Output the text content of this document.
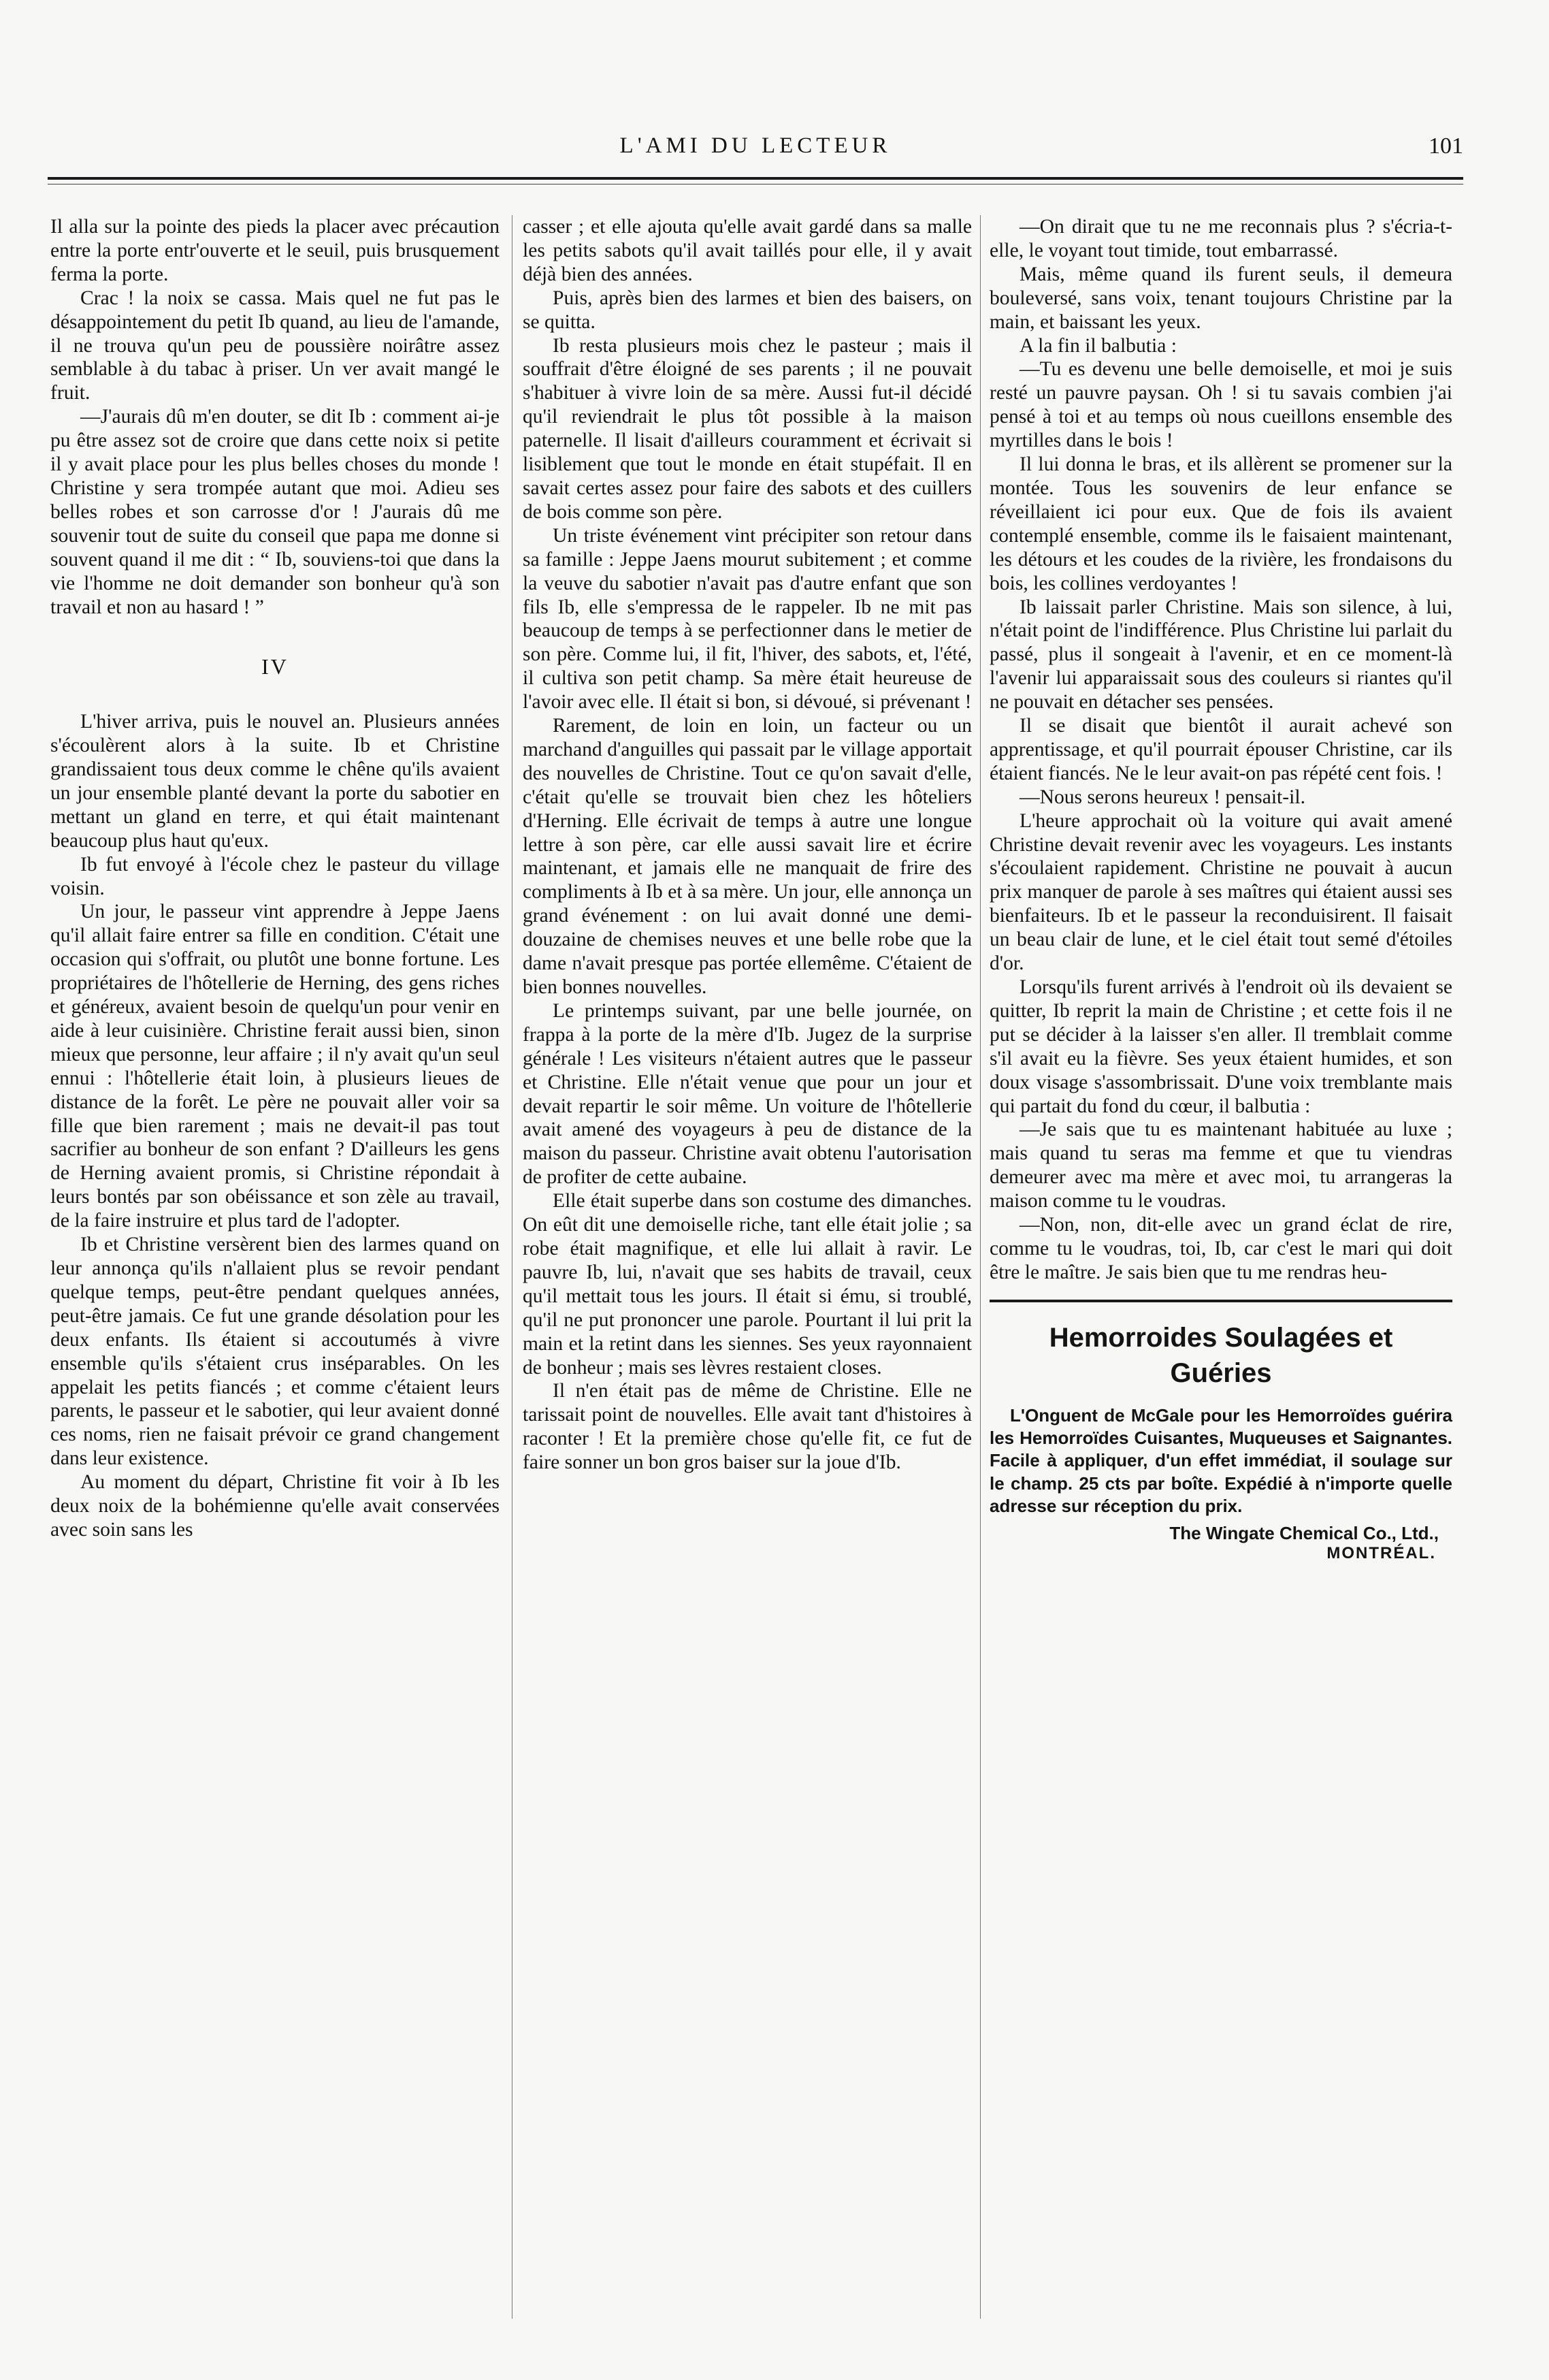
L'AMI DU LECTEUR	101

Il alla sur la pointe des pieds la placer avec précaution entre la porte entr'ouverte et le seuil, puis brusquement ferma la porte.

Crac ! la noix se cassa. Mais quel ne fut pas le désappointement du petit Ib quand, au lieu de l'amande, il ne trouva qu'un peu de poussière noirâtre assez semblable à du tabac à priser. Un ver avait mangé le fruit.

—J'aurais dû m'en douter, se dit Ib : comment ai-je pu être assez sot de croire que dans cette noix si petite il y avait place pour les plus belles choses du monde ! Christine y sera trompée autant que moi. Adieu ses belles robes et son carrosse d'or ! J'aurais dû me souvenir tout de suite du conseil que papa me donne si souvent quand il me dit : “ Ib, souviens-toi que dans la vie l'homme ne doit demander son bonheur qu'à son travail et non au hasard ! ”

IV

L'hiver arriva, puis le nouvel an. Plusieurs années s'écoulèrent alors à la suite. Ib et Christine grandissaient tous deux comme le chêne qu'ils avaient un jour ensemble planté devant la porte du sabotier en mettant un gland en terre, et qui était maintenant beaucoup plus haut qu'eux.

Ib fut envoyé à l'école chez le pasteur du village voisin.

Un jour, le passeur vint apprendre à Jeppe Jaens qu'il allait faire entrer sa fille en condition. C'était une occasion qui s'offrait, ou plutôt une bonne fortune. Les propriétaires de l'hôtellerie de Herning, des gens riches et généreux, avaient besoin de quelqu'un pour venir en aide à leur cuisinière. Christine ferait aussi bien, sinon mieux que personne, leur affaire ; il n'y avait qu'un seul ennui : l'hôtellerie était loin, à plusieurs lieues de distance de la forêt. Le père ne pouvait aller voir sa fille que bien rarement ; mais ne devait-il pas tout sacrifier au bonheur de son enfant ? D'ailleurs les gens de Herning avaient promis, si Christine répondait à leurs bontés par son obéissance et son zèle au travail, de la faire instruire et plus tard de l'adopter.

Ib et Christine versèrent bien des larmes quand on leur annonça qu'ils n'allaient plus se revoir pendant quelque temps, peut-être pendant quelques années, peut-être jamais. Ce fut une grande désolation pour les deux enfants. Ils étaient si accoutumés à vivre ensemble qu'ils s'étaient crus inséparables. On les appelait les petits fiancés ; et comme c'étaient leurs parents, le passeur et le sabotier, qui leur avaient donné ces noms, rien ne faisait prévoir ce grand changement dans leur existence.

Au moment du départ, Christine fit voir à Ib les deux noix de la bohémienne qu'elle avait conservées avec soin sans les

casser ; et elle ajouta qu'elle avait gardé dans sa malle les petits sabots qu'il avait taillés pour elle, il y avait déjà bien des années.

Puis, après bien des larmes et bien des baisers, on se quitta.

Ib resta plusieurs mois chez le pasteur ; mais il souffrait d'être éloigné de ses parents ; il ne pouvait s'habituer à vivre loin de sa mère. Aussi fut-il décidé qu'il reviendrait le plus tôt possible à la maison paternelle. Il lisait d'ailleurs couramment et écrivait si lisiblement que tout le monde en était stupéfait. Il en savait certes assez pour faire des sabots et des cuillers de bois comme son père.

Un triste événement vint précipiter son retour dans sa famille : Jeppe Jaens mourut subitement ; et comme la veuve du sabotier n'avait pas d'autre enfant que son fils Ib, elle s'empressa de le rappeler. Ib ne mit pas beaucoup de temps à se perfectionner dans le metier de son père. Comme lui, il fit, l'hiver, des sabots, et, l'été, il cultiva son petit champ. Sa mère était heureuse de l'avoir avec elle. Il était si bon, si dévoué, si prévenant !

Rarement, de loin en loin, un facteur ou un marchand d'anguilles qui passait par le village apportait des nouvelles de Christine. Tout ce qu'on savait d'elle, c'était qu'elle se trouvait bien chez les hôteliers d'Herning. Elle écrivait de temps à autre une longue lettre à son père, car elle aussi savait lire et écrire maintenant, et jamais elle ne manquait de frire des compliments à Ib et à sa mère. Un jour, elle annonça un grand événement : on lui avait donné une demi-douzaine de chemises neuves et une belle robe que la dame n'avait presque pas portée ellemême. C'étaient de bien bonnes nouvelles.

Le printemps suivant, par une belle journée, on frappa à la porte de la mère d'Ib. Jugez de la surprise générale ! Les visiteurs n'étaient autres que le passeur et Christine. Elle n'était venue que pour un jour et devait repartir le soir même. Un voiture de l'hôtellerie avait amené des voyageurs à peu de distance de la maison du passeur. Christine avait obtenu l'autorisation de profiter de cette aubaine.

Elle était superbe dans son costume des dimanches. On eût dit une demoiselle riche, tant elle était jolie ; sa robe était magnifique, et elle lui allait à ravir. Le pauvre Ib, lui, n'avait que ses habits de travail, ceux qu'il mettait tous les jours. Il était si ému, si troublé, qu'il ne put prononcer une parole. Pourtant il lui prit la main et la retint dans les siennes. Ses yeux rayonnaient de bonheur ; mais ses lèvres restaient closes.

Il n'en était pas de même de Christine. Elle ne tarissait point de nouvelles. Elle avait tant d'histoires à raconter ! Et la première chose qu'elle fit, ce fut de faire sonner un bon gros baiser sur la joue d'Ib.

—On dirait que tu ne me reconnais plus ? s'écria-t-elle, le voyant tout timide, tout embarrassé.

Mais, même quand ils furent seuls, il demeura bouleversé, sans voix, tenant toujours Christine par la main, et baissant les yeux.

A la fin il balbutia :

—Tu es devenu une belle demoiselle, et moi je suis resté un pauvre paysan. Oh ! si tu savais combien j'ai pensé à toi et au temps où nous cueillons ensemble des myrtilles dans le bois !

Il lui donna le bras, et ils allèrent se promener sur la montée. Tous les souvenirs de leur enfance se réveillaient ici pour eux. Que de fois ils avaient contemplé ensemble, comme ils le faisaient maintenant, les détours et les coudes de la rivière, les frondaisons du bois, les collines verdoyantes !

Ib laissait parler Christine. Mais son silence, à lui, n'était point de l'indifférence. Plus Christine lui parlait du passé, plus il songeait à l'avenir, et en ce moment-là l'avenir lui apparaissait sous des couleurs si riantes qu'il ne pouvait en détacher ses pensées.

Il se disait que bientôt il aurait achevé son apprentissage, et qu'il pourrait épouser Christine, car ils étaient fiancés. Ne le leur avait-on pas répété cent fois. !

—Nous serons heureux ! pensait-il.

L'heure approchait où la voiture qui avait amené Christine devait revenir avec les voyageurs. Les instants s'écoulaient rapidement. Christine ne pouvait à aucun prix manquer de parole à ses maîtres qui étaient aussi ses bienfaiteurs. Ib et le passeur la reconduisirent. Il faisait un beau clair de lune, et le ciel était tout semé d'étoiles d'or.

Lorsqu'ils furent arrivés à l'endroit où ils devaient se quitter, Ib reprit la main de Christine ; et cette fois il ne put se décider à la laisser s'en aller. Il tremblait comme s'il avait eu la fièvre. Ses yeux étaient humides, et son doux visage s'assombrissait. D'une voix tremblante mais qui partait du fond du cœur, il balbutia :

—Je sais que tu es maintenant habituée au luxe ; mais quand tu seras ma femme et que tu viendras demeurer avec ma mère et avec moi, tu arrangeras la maison comme tu le voudras.

—Non, non, dit-elle avec un grand éclat de rire, comme tu le voudras, toi, Ib, car c'est le mari qui doit être le maître. Je sais bien que tu me rendras heu-

Hemorroides Soulagées et
Guéries

L'Onguent de McGale pour les Hemorroïdes guérira les Hemorroïdes Cuisantes, Muqueuses et Saignantes. Facile à appliquer, d'un effet immédiat, il soulage sur le champ. 25 cts par boîte. Expédié à n'importe quelle adresse sur réception du prix.

The Wingate Chemical Co., Ltd.,
MONTRÉAL.
